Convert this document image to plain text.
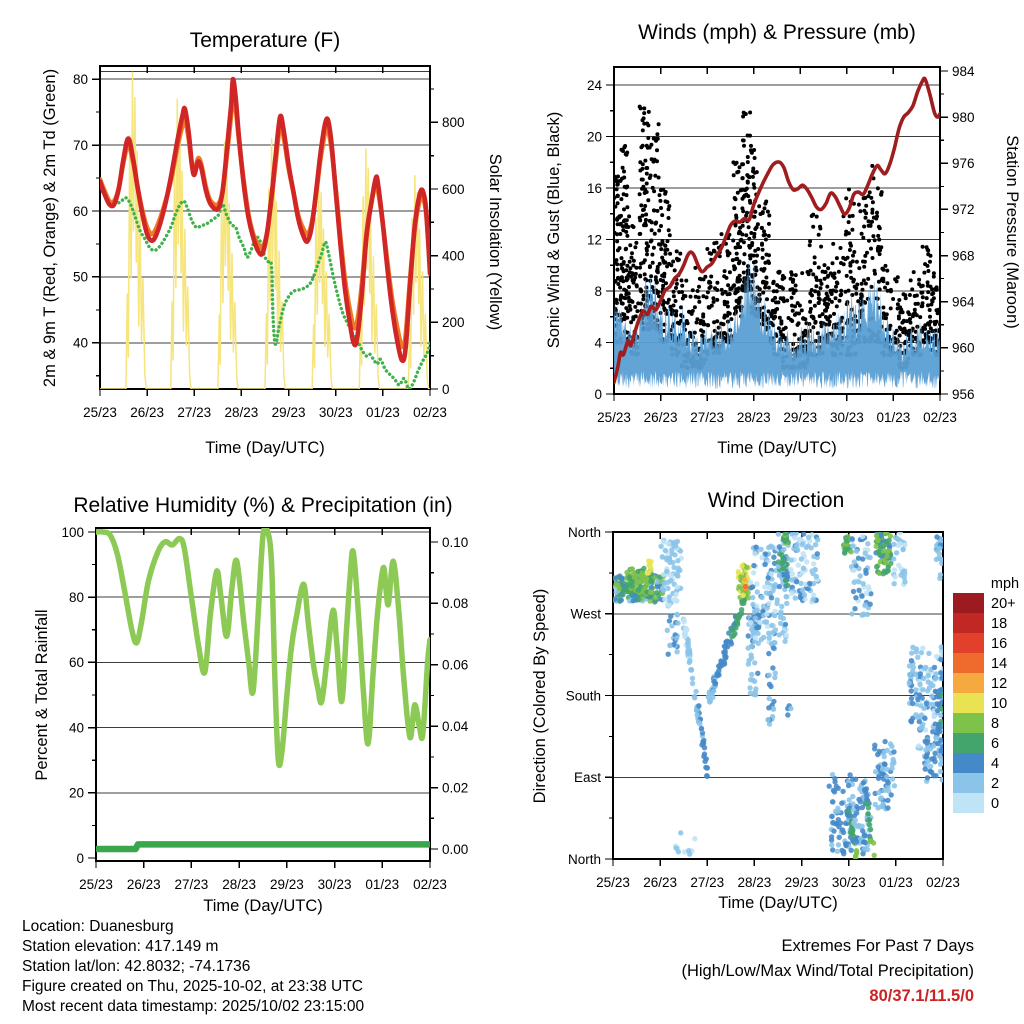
25/23 26/23 27/23 28/23 29/23 30/23 01/23 02/23
40
50
60
70
80
0
200
400
600
800
Temperature (F)
Time (Day/UTC)
2m & 9m T (Red, Orange) & 2m Td (Green)	Solar Insolation (Yellow)
25/23 26/23 27/23 28/23 29/23 30/23 01/23 02/23
0
4
8
12
16
20
24
956
960
964
968
972
976
980
984
Winds (mph) & Pressure (mb)
Time (Day/UTC)
Sonic Wind & Gust (Blue, Black)	Station Pressure (Maroon)
25/23 26/23 27/23 28/23 29/23 30/23 01/23 02/23
0
20
40
60
80
100
0.00
0.02
0.04
0.06
0.08
0.10
Relative Humidity (%) & Precipitation (in)
Time (Day/UTC)
Percent & Total Rainfall
25/23 26/23 27/23 28/23 29/23 30/23 01/23 02/23
North
West
South
East
North
20+
18
16
14
12
10
8
6
4
2
0
Wind Direction
Time (Day/UTC)
Direction (Colored By Speed)
mph
Location: Duanesburg
Station elevation: 417.149 m
Station lat/lon: 42.8032; -74.1736
Figure created on Thu, 2025-10-02, at 23:38 UTC
Most recent data timestamp: 2025/10/02 23:15:00
Extremes For Past 7 Days
(High/Low/Max Wind/Total Precipitation)
80/37.1/11.5/0
